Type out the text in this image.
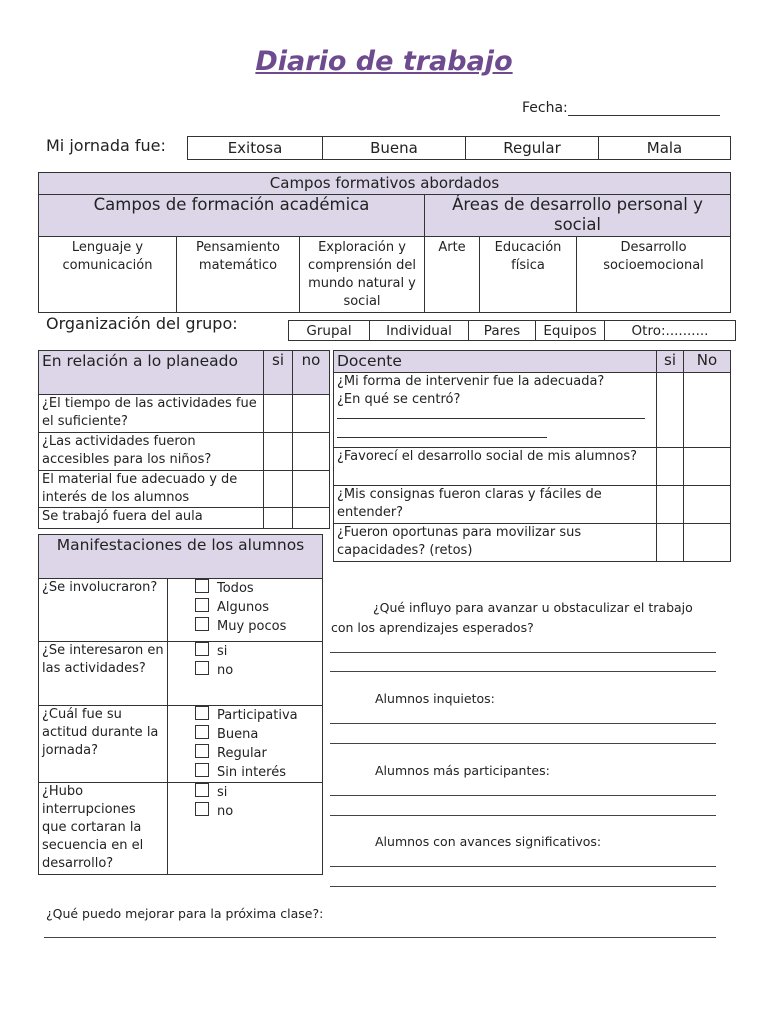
Diario de trabajo
Fecha:
Mi jornada fue:	Exitosa	Buena	Regular	Mala
Campos formativos abordados					
Campos de formación académica			Áreas de desarrollo personal y social		
Lenguaje y comunicación	Pensamiento matemático	Exploración y comprensión del mundo natural y social	Arte	Educación física	Desarrollo socioemocional
Organización del grupo:	Grupal	Individual	Pares	Equipos	Otro:..........
En relación a lo planeado	si	no
¿El tiempo de las actividades fue el suficiente?		
¿Las actividades fueron accesibles para los niños?		
El material fue adecuado y de interés de los alumnos		
Se trabajó fuera del aula		
Docente	si	No

¿Mi forma de intervenir fue la adecuada?
¿En qué se centró?		

¿Favorecí el desarrollo social de mis alumnos?		
¿Mis consignas fueron claras y fáciles de entender?		
¿Fueron oportunas para movilizar sus capacidades? (retos)		
Manifestaciones de los alumnos	
¿Se involucraron?	Todos
Algunos
Muy pocos

¿Se interesaron en las actividades?	si
no

¿Cuál fue su actitud durante la jornada?	Participativa
Buena
Regular
Sin interés

¿Hubo interrupciones que cortaran la secuencia en el desarrollo?	si
no
¿Qué influyo para avanzar u obstaculizar el trabajo
con los aprendizajes esperados?
Alumnos inquietos:
Alumnos más participantes:
Alumnos con avances significativos:
¿Qué puedo mejorar para la próxima clase?:
